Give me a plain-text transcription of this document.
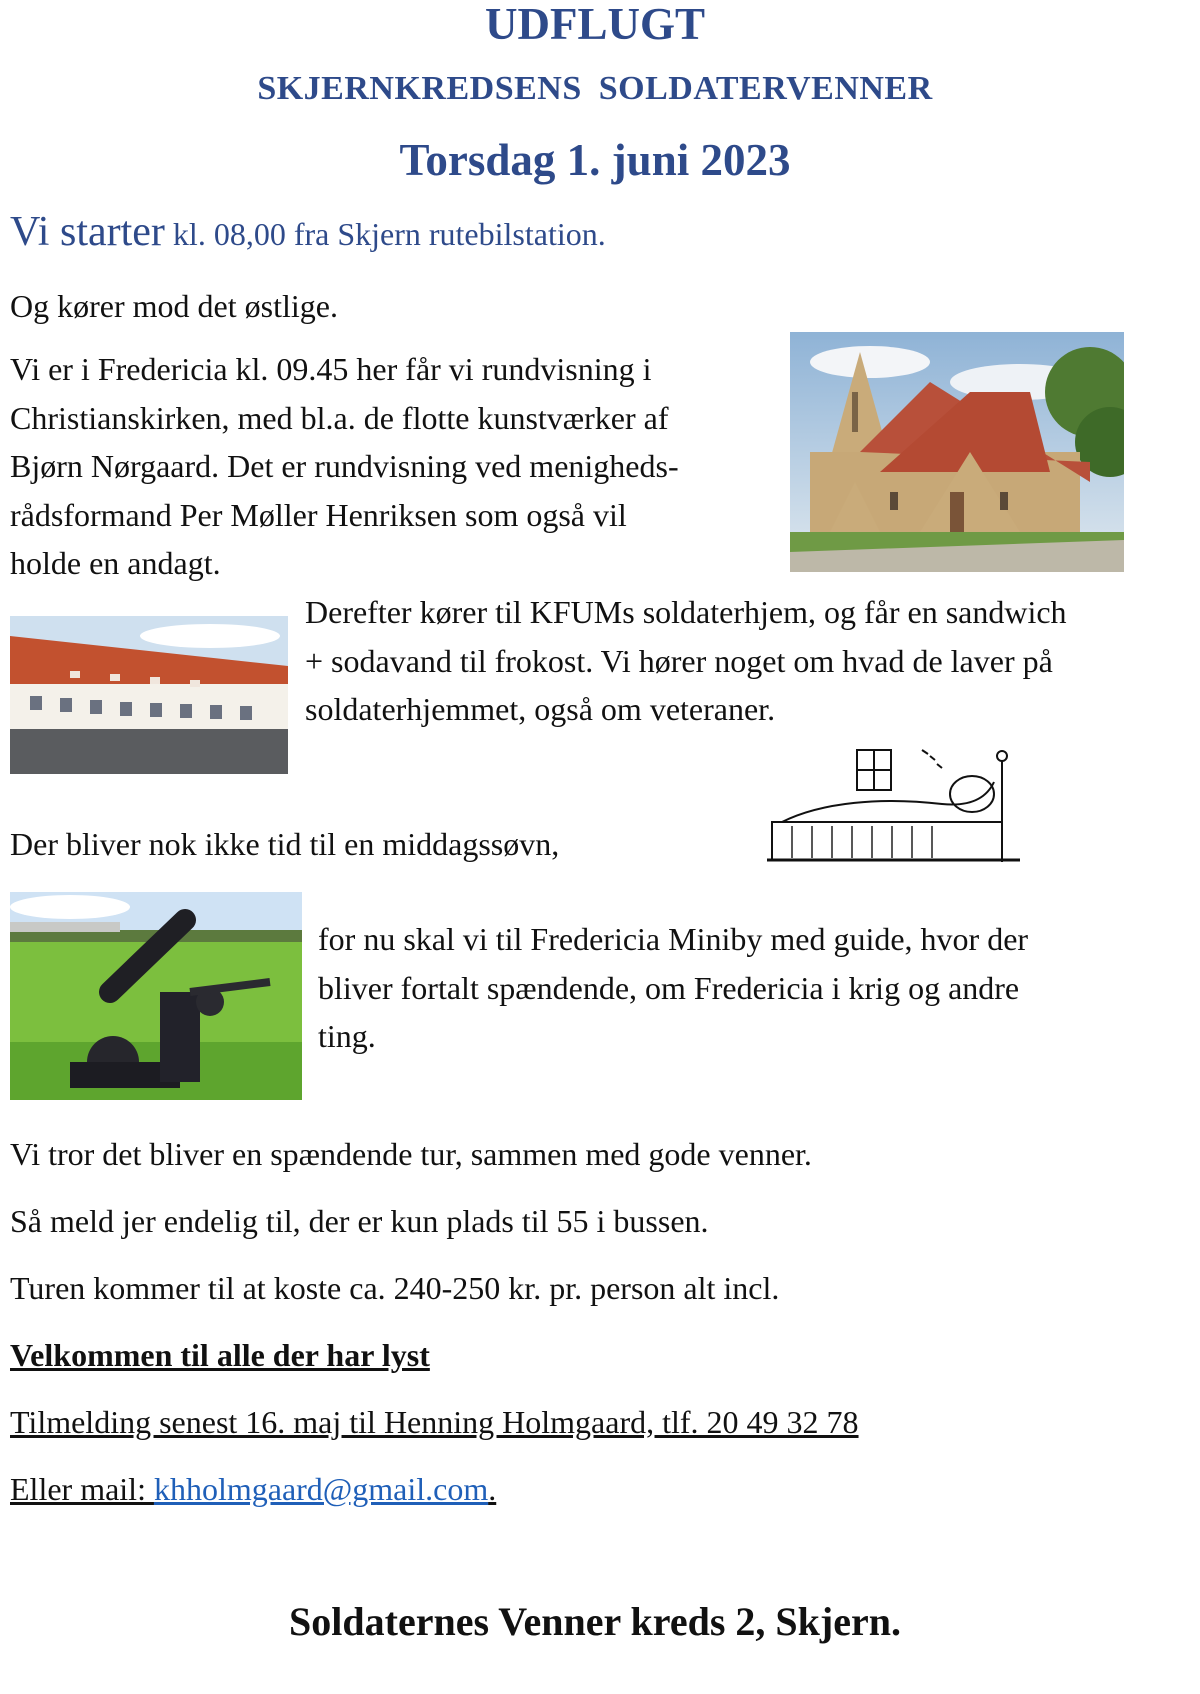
UDFLUGT
SKJERNKREDSENS SOLDATERVENNER
Torsdag 1. juni 2023
Vi starter kl. 08,00 fra Skjern rutebilstation.
Og kører mod det østlige.
Vi er i Fredericia kl. 09.45 her får vi rundvisning i
Christianskirken, med bl.a. de flotte kunstværker af
Bjørn Nørgaard. Det er rundvisning ved menigheds-
rådsformand Per Møller Henriksen som også vil
holde en andagt.
Derefter kører til KFUMs soldaterhjem, og får en sandwich
+ sodavand til frokost. Vi hører noget om hvad de laver på
soldaterhjemmet, også om veteraner.
Der bliver nok ikke tid til en middagssøvn,
for nu skal vi til Fredericia Miniby med guide, hvor der
bliver fortalt spændende, om Fredericia i krig og andre
ting.
Vi tror det bliver en spændende tur, sammen med gode venner.
Så meld jer endelig til, der er kun plads til 55 i bussen.
Turen kommer til at koste ca. 240-250 kr. pr. person alt incl.
Velkommen til alle der har lyst
Tilmelding senest 16. maj til Henning Holmgaard, tlf. 20 49 32 78
Eller mail: khholmgaard@gmail.com.
Soldaternes Venner kreds 2, Skjern.
